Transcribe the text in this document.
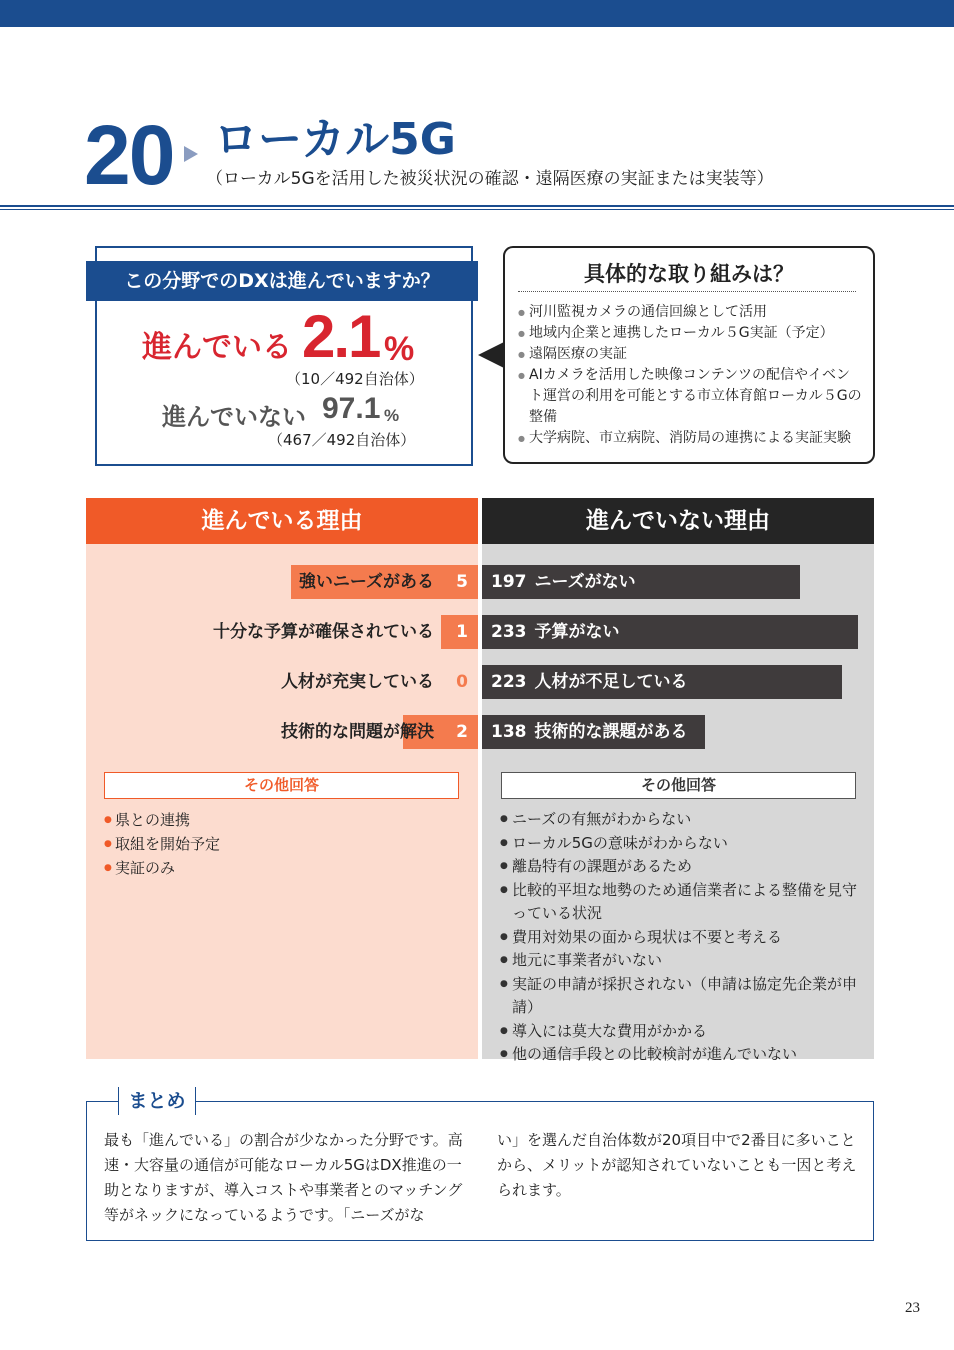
20 ローカル5G
（ローカル5Gを活用した被災状況の確認・遠隔医療の実証または実装等）
この分野でのDXは進んでいますか？
進んでいる 2.1 %
（10／492自治体）
進んでいない 97.1 %
（467／492自治体）
具体的な取り組みは？
● 河川監視カメラの通信回線として活用
● 地域内企業と連携したローカル５G実証（予定）
● 遠隔医療の実証
● AIカメラを活用した映像コンテンツの配信やイベント運営の利用を可能とする市立体育館ローカル５Gの整備
● 大学病院、市立病院、消防局の連携による実証実験
進んでいる理由	進んでいない理由
強いニーズがある
十分な予算が確保されている
人材が充実している
技術的な問題が解決
5
1
0
2
197 ニーズがない
233 予算がない
223 人材が不足している
138 技術的な課題がある
その他回答	その他回答
● 県との連携
● 取組を開始予定
● 実証のみ
● ニーズの有無がわからない
● ローカル5Gの意味がわからない
● 離島特有の課題があるため
● 比較的平坦な地勢のため通信業者による整備を見守っている状況
● 費用対効果の面から現状は不要と考える
● 地元に事業者がいない
● 実証の申請が採択されない（申請は協定先企業が申請）
● 導入には莫大な費用がかかる
● 他の通信手段との比較検討が進んでいない
まとめ
最も「進んでいる」の割合が少なかった分野です。高速・大容量の通信が可能なローカル5GはDX推進の一助となりますが、導入コストや事業者とのマッチング等がネックになっているようです。「ニーズがな
い」を選んだ自治体数が20項目中で2番目に多いことから、メリットが認知されていないことも一因と考えられます。
23
